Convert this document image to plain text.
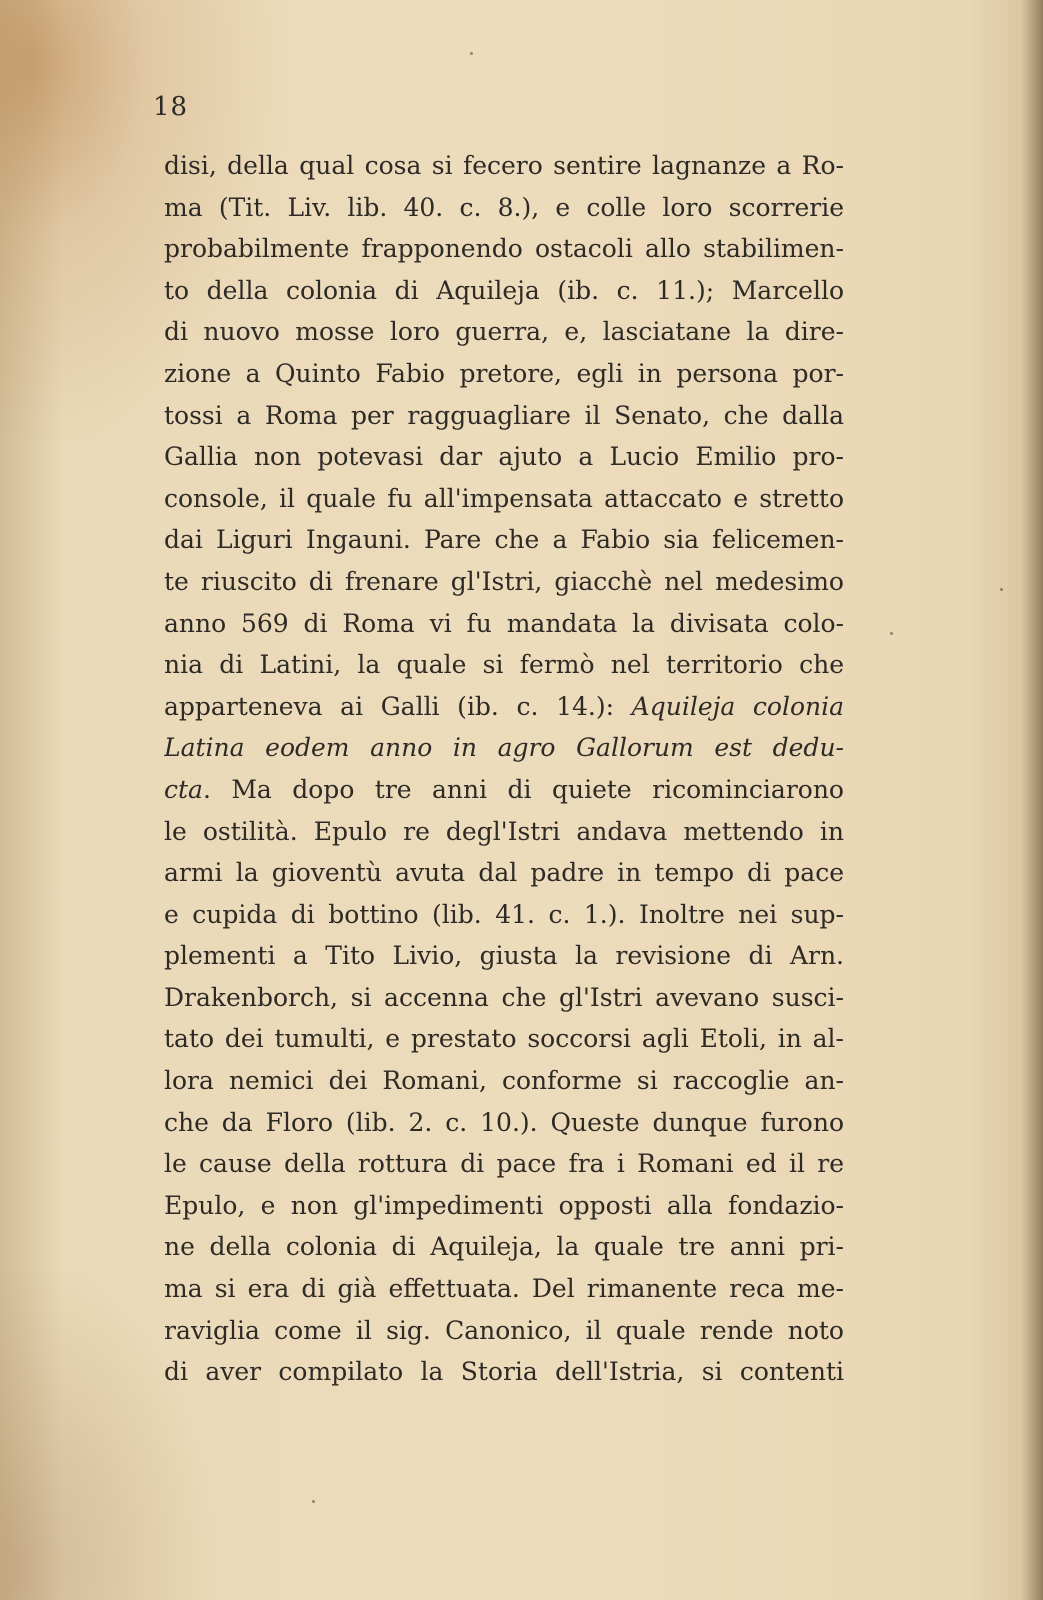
18
disi, della qual cosa si fecero sentire lagnanze a Ro-
ma (Tit. Liv. lib. 40. c. 8.), e colle loro scorrerie
probabilmente frapponendo ostacoli allo stabilimen-
to della colonia di Aquileja (ib. c. 11.); Marcello
di nuovo mosse loro guerra, e, lasciatane la dire-
zione a Quinto Fabio pretore, egli in persona por-
tossi a Roma per ragguagliare il Senato, che dalla
Gallia non potevasi dar ajuto a Lucio Emilio pro-
console, il quale fu all'impensata attaccato e stretto
dai Liguri Ingauni. Pare che a Fabio sia felicemen-
te riuscito di frenare gl'Istri, giacchè nel medesimo
anno 569 di Roma vi fu mandata la divisata colo-
nia di Latini, la quale si fermò nel territorio che
apparteneva ai Galli (ib. c. 14.): Aquileja colonia
Latina eodem anno in agro Gallorum est dedu-
cta. Ma dopo tre anni di quiete ricominciarono
le ostilità. Epulo re degl'Istri andava mettendo in
armi la gioventù avuta dal padre in tempo di pace
e cupida di bottino (lib. 41. c. 1.). Inoltre nei sup-
plementi a Tito Livio, giusta la revisione di Arn.
Drakenborch, si accenna che gl'Istri avevano susci-
tato dei tumulti, e prestato soccorsi agli Etoli, in al-
lora nemici dei Romani, conforme si raccoglie an-
che da Floro (lib. 2. c. 10.). Queste dunque furono
le cause della rottura di pace fra i Romani ed il re
Epulo, e non gl'impedimenti opposti alla fondazio-
ne della colonia di Aquileja, la quale tre anni pri-
ma si era di già effettuata. Del rimanente reca me-
raviglia come il sig. Canonico, il quale rende noto
di aver compilato la Storia dell'Istria, si contenti
